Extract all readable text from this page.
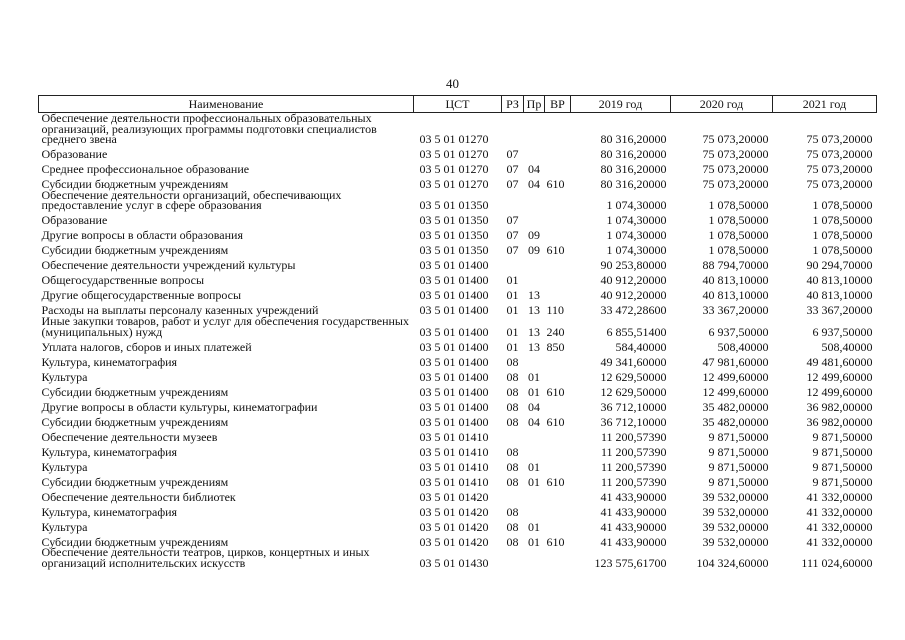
40
Наименование	ЦСТ	РЗ	Пр	ВР	2019 год	2020 год	2021 год
Обеспечение деятельности профессиональных образовательных организаций, реализующих программы подготовки специалистов среднего звена	03 5 01 01270				80 316,20000	75 073,20000	75 073,20000
Образование	03 5 01 01270	07			80 316,20000	75 073,20000	75 073,20000
Среднее профессиональное образование	03 5 01 01270	07	04		80 316,20000	75 073,20000	75 073,20000
Субсидии бюджетным учреждениям	03 5 01 01270	07	04	610	80 316,20000	75 073,20000	75 073,20000
Обеспечение деятельности организаций, обеспечивающих предоставление услуг в сфере образования	03 5 01 01350				1 074,30000	1 078,50000	1 078,50000
Образование	03 5 01 01350	07			1 074,30000	1 078,50000	1 078,50000
Другие вопросы в области образования	03 5 01 01350	07	09		1 074,30000	1 078,50000	1 078,50000
Субсидии бюджетным учреждениям	03 5 01 01350	07	09	610	1 074,30000	1 078,50000	1 078,50000
Обеспечение деятельности учреждений культуры	03 5 01 01400				90 253,80000	88 794,70000	90 294,70000
Общегосударственные вопросы	03 5 01 01400	01			40 912,20000	40 813,10000	40 813,10000
Другие общегосударственные вопросы	03 5 01 01400	01	13		40 912,20000	40 813,10000	40 813,10000
Расходы на выплаты персоналу казенных учреждений	03 5 01 01400	01	13	110	33 472,28600	33 367,20000	33 367,20000
Иные закупки товаров, работ и услуг для обеспечения государственных (муниципальных) нужд	03 5 01 01400	01	13	240	6 855,51400	6 937,50000	6 937,50000
Уплата налогов, сборов и иных платежей	03 5 01 01400	01	13	850	584,40000	508,40000	508,40000
Культура, кинематография	03 5 01 01400	08			49 341,60000	47 981,60000	49 481,60000
Культура	03 5 01 01400	08	01		12 629,50000	12 499,60000	12 499,60000
Субсидии бюджетным учреждениям	03 5 01 01400	08	01	610	12 629,50000	12 499,60000	12 499,60000
Другие вопросы в области культуры, кинематографии	03 5 01 01400	08	04		36 712,10000	35 482,00000	36 982,00000
Субсидии бюджетным учреждениям	03 5 01 01400	08	04	610	36 712,10000	35 482,00000	36 982,00000
Обеспечение деятельности музеев	03 5 01 01410				11 200,57390	9 871,50000	9 871,50000
Культура, кинематография	03 5 01 01410	08			11 200,57390	9 871,50000	9 871,50000
Культура	03 5 01 01410	08	01		11 200,57390	9 871,50000	9 871,50000
Субсидии бюджетным учреждениям	03 5 01 01410	08	01	610	11 200,57390	9 871,50000	9 871,50000
Обеспечение деятельности библиотек	03 5 01 01420				41 433,90000	39 532,00000	41 332,00000
Культура, кинематография	03 5 01 01420	08			41 433,90000	39 532,00000	41 332,00000
Культура	03 5 01 01420	08	01		41 433,90000	39 532,00000	41 332,00000
Субсидии бюджетным учреждениям	03 5 01 01420	08	01	610	41 433,90000	39 532,00000	41 332,00000
Обеспечение деятельности театров, цирков, концертных и иных организаций исполнительских искусств	03 5 01 01430				123 575,61700	104 324,60000	111 024,60000
